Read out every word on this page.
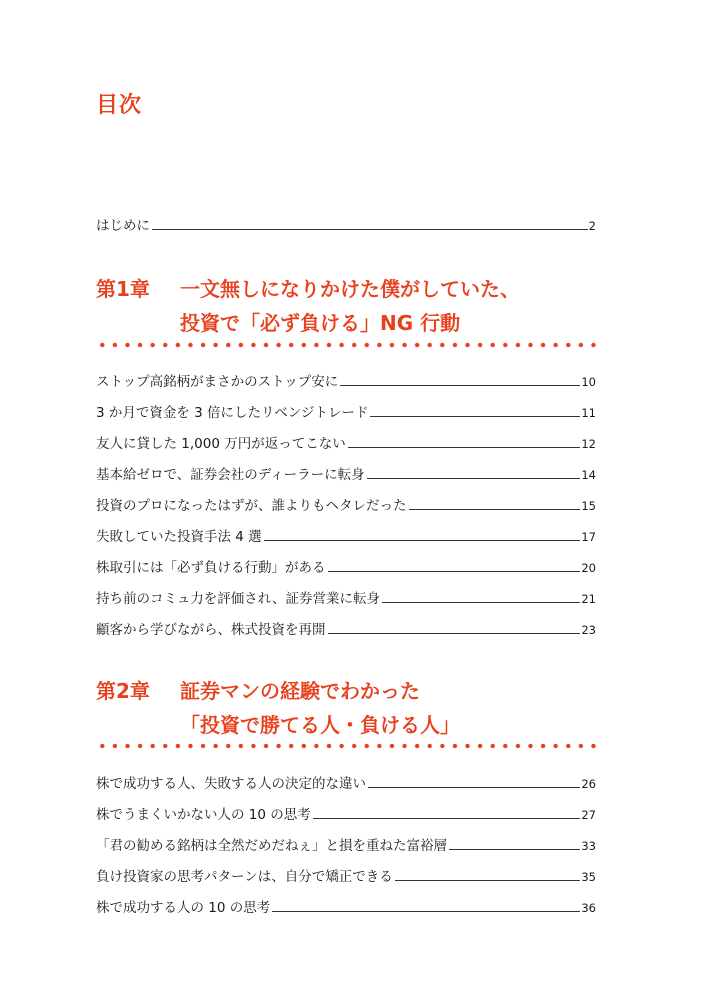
目次
はじめに	2
第1章	一文無しになりかけた僕がしていた、
投資で「必ず負ける」NG 行動
ストップ高銘柄がまさかのストップ安に	10
3 か月で資金を 3 倍にしたリベンジトレード	11
友人に貸した 1,000 万円が返ってこない	12
基本給ゼロで、証券会社のディーラーに転身	14
投資のプロになったはずが、誰よりもヘタレだった	15
失敗していた投資手法 4 選	17
株取引には「必ず負ける行動」がある	20
持ち前のコミュ力を評価され、証券営業に転身	21
顧客から学びながら、株式投資を再開	23
第2章	証券マンの経験でわかった
「投資で勝てる人・負ける人」
株で成功する人、失敗する人の決定的な違い	26
株でうまくいかない人の 10 の思考	27
「君の勧める銘柄は全然だめだねぇ」と損を重ねた富裕層	33
負け投資家の思考パターンは、自分で矯正できる	35
株で成功する人の 10 の思考	36
